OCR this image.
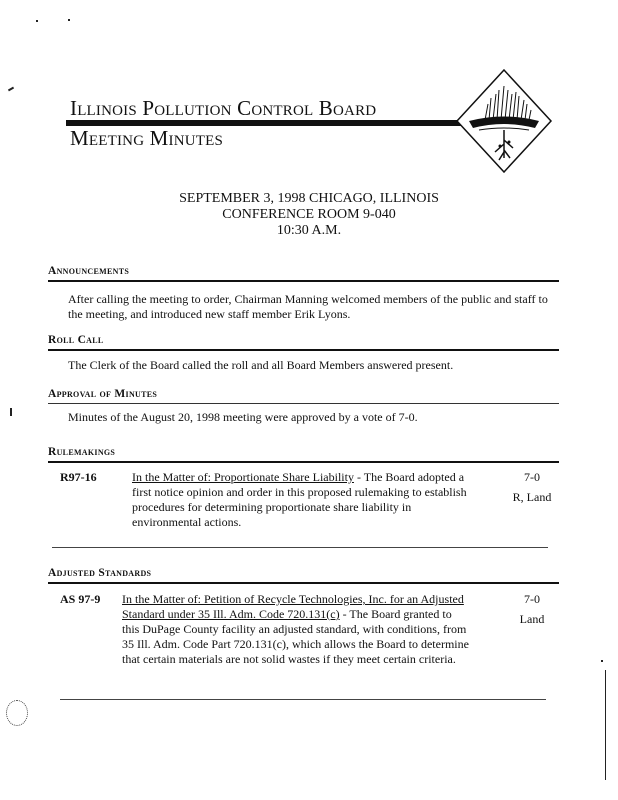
Illinois Pollution Control Board
Meeting Minutes
SEPTEMBER 3, 1998 CHICAGO, ILLINOIS
CONFERENCE ROOM 9-040
10:30 A.M.
Announcements
After calling the meeting to order, Chairman Manning welcomed members of the public and staff to the meeting, and introduced new staff member Erik Lyons.
Roll Call
The Clerk of the Board called the roll and all Board Members answered present.
Approval of Minutes
Minutes of the August 20, 1998 meeting were approved by a vote of 7-0.
Rulemakings
R97-16	In the Matter of: Proportionate Share Liability - The Board adopted a first notice opinion and order in this proposed rulemaking to establish procedures for determining proportionate share liability in environmental actions.
7-0
R, Land
Adjusted Standards
AS 97-9 In the Matter of: Petition of Recycle Technologies, Inc. for an Adjusted Standard under 35 Ill. Adm. Code 720.131(c) - The Board granted to this DuPage County facility an adjusted standard, with conditions, from 35 Ill. Adm. Code Part 720.131(c), which allows the Board to determine that certain materials are not solid wastes if they meet certain criteria.
7-0
Land
